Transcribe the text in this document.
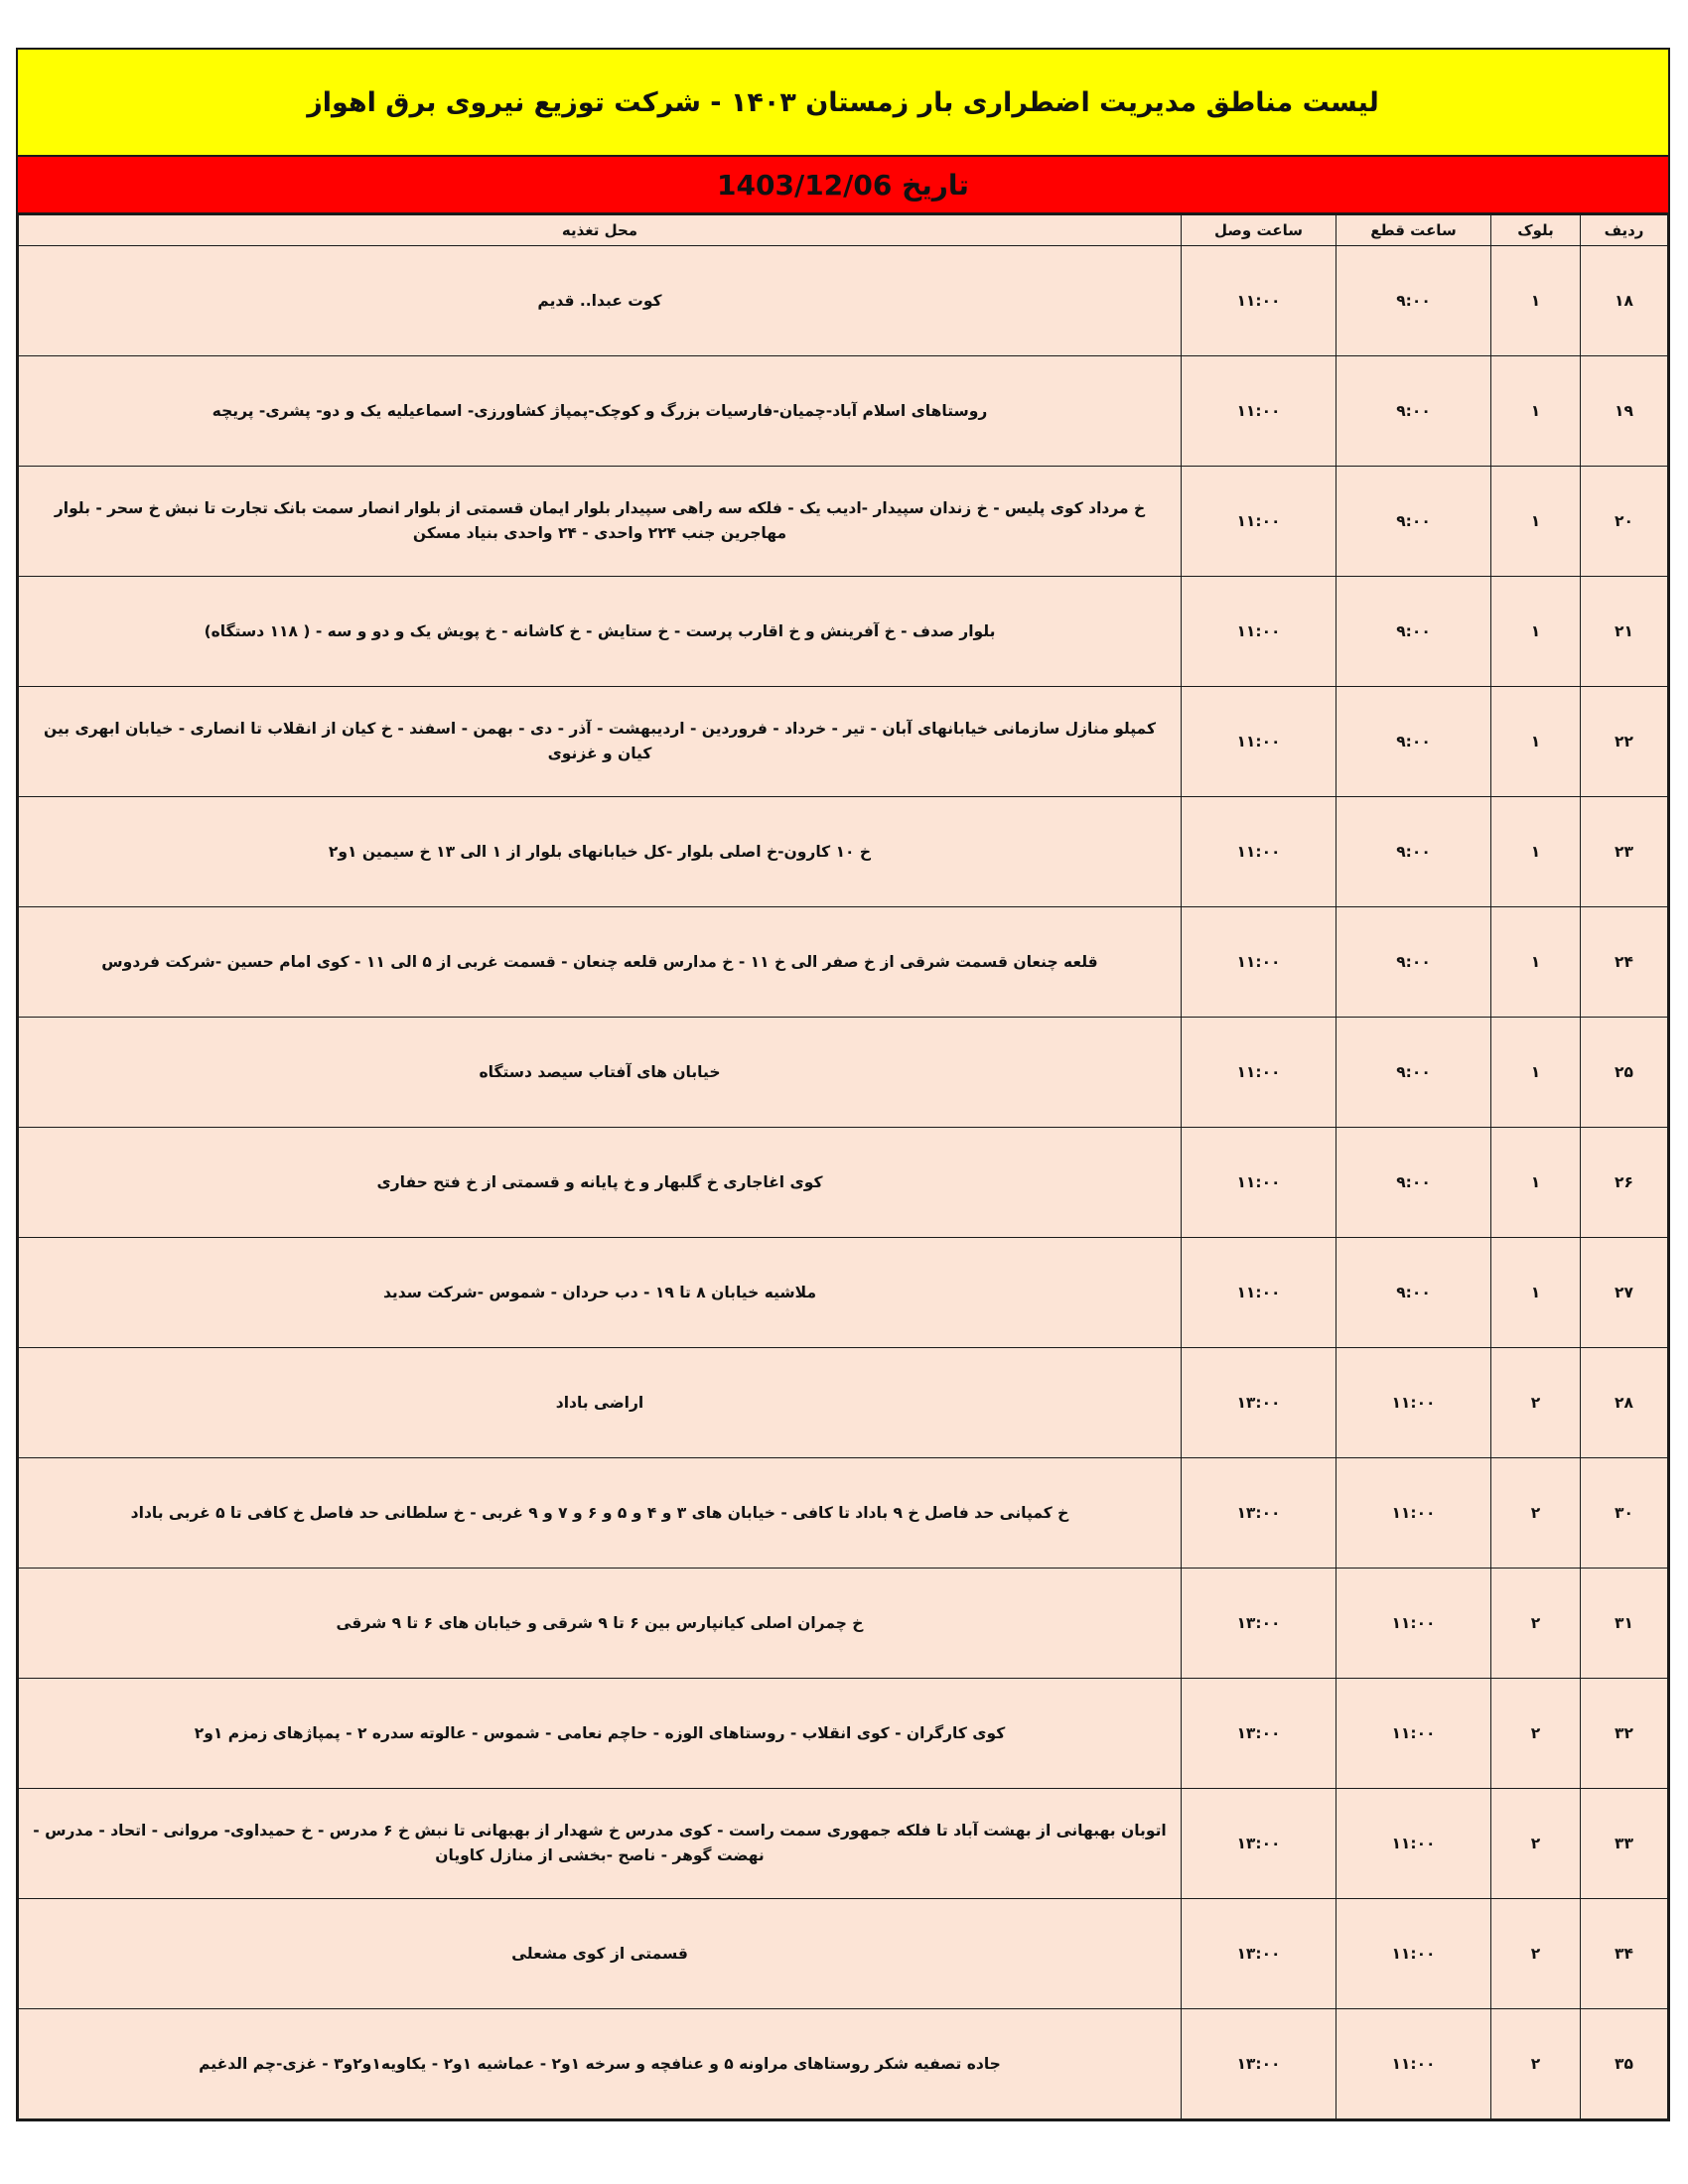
لیست مناطق مدیریت اضطراری بار زمستان ۱۴۰۳ - شرکت توزیع نیروی برق اهواز
تاریخ 1403/12/06
ردیف	بلوک	ساعت قطع	ساعت وصل	محل تغذیه
۱۸	۱	۹:۰۰	۱۱:۰۰	کوت عبدا.. قدیم
۱۹	۱	۹:۰۰	۱۱:۰۰	روستاهای اسلام آباد-چمیان-فارسیات بزرگ و کوچک-پمپاژ کشاورزی- اسماعیلیه یک و دو- پشری- پریچه
۲۰	۱	۹:۰۰	۱۱:۰۰	خ مرداد کوی پلیس - خ زندان سپیدار -ادیب یک - فلکه سه راهی سپیدار بلوار ایمان قسمتی از بلوار انصار سمت بانک تجارت تا نبش خ سحر - بلوار مهاجرین جنب ۲۲۴ واحدی - ۲۴ واحدی بنیاد مسکن
۲۱	۱	۹:۰۰	۱۱:۰۰	بلوار صدف - خ آفرینش و خ اقارب پرست - خ ستایش - خ کاشانه - خ پویش یک و دو و سه - ( ۱۱۸ دستگاه)
۲۲	۱	۹:۰۰	۱۱:۰۰	کمپلو منازل سازمانی خیابانهای آبان - تیر - خرداد - فروردین - اردیبهشت - آذر - دی - بهمن - اسفند - خ کیان از انقلاب تا انصاری - خیابان ابهری بین کیان و غزنوی
۲۳	۱	۹:۰۰	۱۱:۰۰	خ ۱۰ کارون-خ اصلی بلوار -کل خیابانهای بلوار از ۱ الی ۱۳ خ سیمین ۱و۲
۲۴	۱	۹:۰۰	۱۱:۰۰	قلعه چنعان قسمت شرقی از خ صفر الی خ ۱۱ - خ مدارس قلعه چنعان - قسمت غربی از ۵ الی ۱۱ - کوی امام حسین -شرکت فردوس
۲۵	۱	۹:۰۰	۱۱:۰۰	خیابان های آفتاب سیصد دستگاه
۲۶	۱	۹:۰۰	۱۱:۰۰	کوی اغاجاری خ گلبهار و خ پایانه و قسمتی از خ فتح حفاری
۲۷	۱	۹:۰۰	۱۱:۰۰	ملاشیه خیابان ۸ تا ۱۹ - دب حردان - شموس -شرکت سدید
۲۸	۲	۱۱:۰۰	۱۳:۰۰	اراضی باداد
۳۰	۲	۱۱:۰۰	۱۳:۰۰	خ کمپانی حد فاصل خ ۹ باداد تا کافی - خیابان های ۳ و ۴ و ۵ و ۶ و ۷ و ۹ غربی - خ سلطانی حد فاصل خ کافی تا ۵ غربی باداد
۳۱	۲	۱۱:۰۰	۱۳:۰۰	خ چمران اصلی کیانپارس بین ۶ تا ۹ شرقی و خیابان های ۶ تا ۹ شرقی
۳۲	۲	۱۱:۰۰	۱۳:۰۰	کوی کارگران - کوی انقلاب - روستاهای الوزه - حاچم نعامی - شموس - عالوته سدره ۲ - پمپاژهای زمزم ۱و۲
۳۳	۲	۱۱:۰۰	۱۳:۰۰	اتوبان بهبهانی از بهشت آباد تا فلکه جمهوری سمت راست - کوی مدرس خ شهدار از بهبهانی تا نبش خ ۶ مدرس - خ حمیداوی- مروانی - اتحاد - مدرس - نهضت گوهر - ناصح -بخشی از منازل کاویان
۳۴	۲	۱۱:۰۰	۱۳:۰۰	قسمتی از کوی مشعلی
۳۵	۲	۱۱:۰۰	۱۳:۰۰	جاده تصفیه شکر روستاهای مراونه ۵ و عنافچه و سرخه ۱و۲ - عماشیه ۱و۲ - یکاویه۱و۲و۳ - غزی-چم الدغیم
